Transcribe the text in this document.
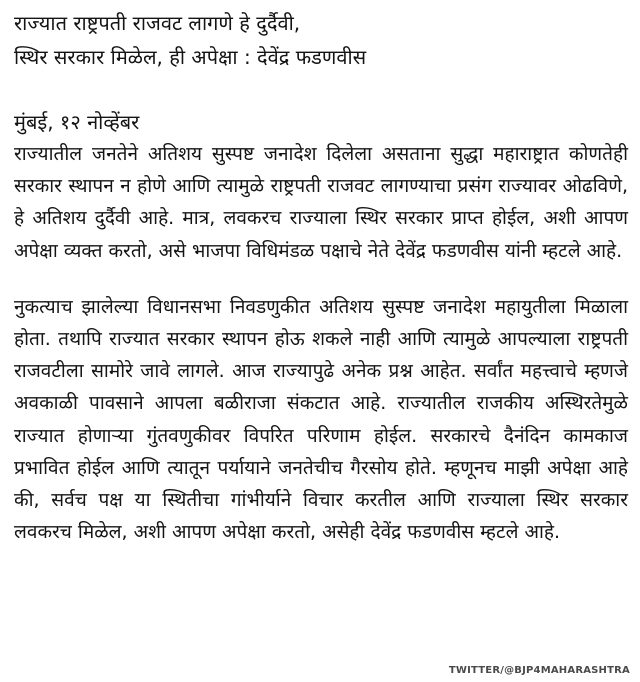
राज्यात राष्ट्रपती राजवट लागणे हे दुर्दैवी,
स्थिर सरकार मिळेल, ही अपेक्षा : देवेंद्र फडणवीस
मुंबई, १२ नोव्हेंबर

राज्यातील जनतेने अतिशय सुस्पष्ट जनादेश दिलेला असताना सुद्धा महाराष्ट्रात कोणतेही सरकार स्थापन न होणे आणि त्यामुळे राष्ट्रपती राजवट लागण्याचा प्रसंग राज्यावर ओढविणे, हे अतिशय दुर्दैवी आहे. मात्र, लवकरच राज्याला स्थिर सरकार प्राप्त होईल, अशी आपण अपेक्षा व्यक्त करतो, असे भाजपा विधिमंडळ पक्षाचे नेते देवेंद्र फडणवीस यांनी म्हटले आहे.

नुकत्याच झालेल्या विधानसभा निवडणुकीत अतिशय सुस्पष्ट जनादेश महायुतीला मिळाला होता. तथापि राज्यात सरकार स्थापन होऊ शकले नाही आणि त्यामुळे आपल्याला राष्ट्रपती राजवटीला सामोरे जावे लागले. आज राज्यापुढे अनेक प्रश्न आहेत. सर्वांत महत्त्वाचे म्हणजे अवकाळी पावसाने आपला बळीराजा संकटात आहे. राज्यातील राजकीय अस्थिरतेमुळे राज्यात होणाऱ्या गुंतवणुकीवर विपरित परिणाम होईल. सरकारचे दैनंदिन कामकाज प्रभावित होईल आणि त्यातून पर्यायाने जनतेचीच गैरसोय होते. म्हणूनच माझी अपेक्षा आहे की, सर्वच पक्ष या स्थितीचा गांभीर्याने विचार करतील आणि राज्याला स्थिर सरकार लवकरच मिळेल, अशी आपण अपेक्षा करतो, असेही देवेंद्र फडणवीस म्हटले आहे.

TWITTER/@BJP4MAHARASHTRA
